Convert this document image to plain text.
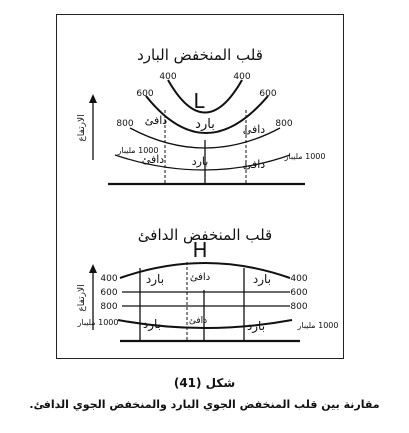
قلب المنخفض البارد
الارتفاع
L
400	400
600	600
800	800
1000 مليبار
1000 مليبار
بارد
دافئ
دافئ
دافئ بارد	دافئ
قلب المنخفض الدافئ
H
الارتفاع
400	400
600	600
800	800
1000 مليبار	1000 مليبار
بارد	دافئ	بارد
بارد	دافئ	بارد
شكل (41)
مقارنة بين قلب المنخفض الجوي البارد والمنخفض الجوي الدافئ.
